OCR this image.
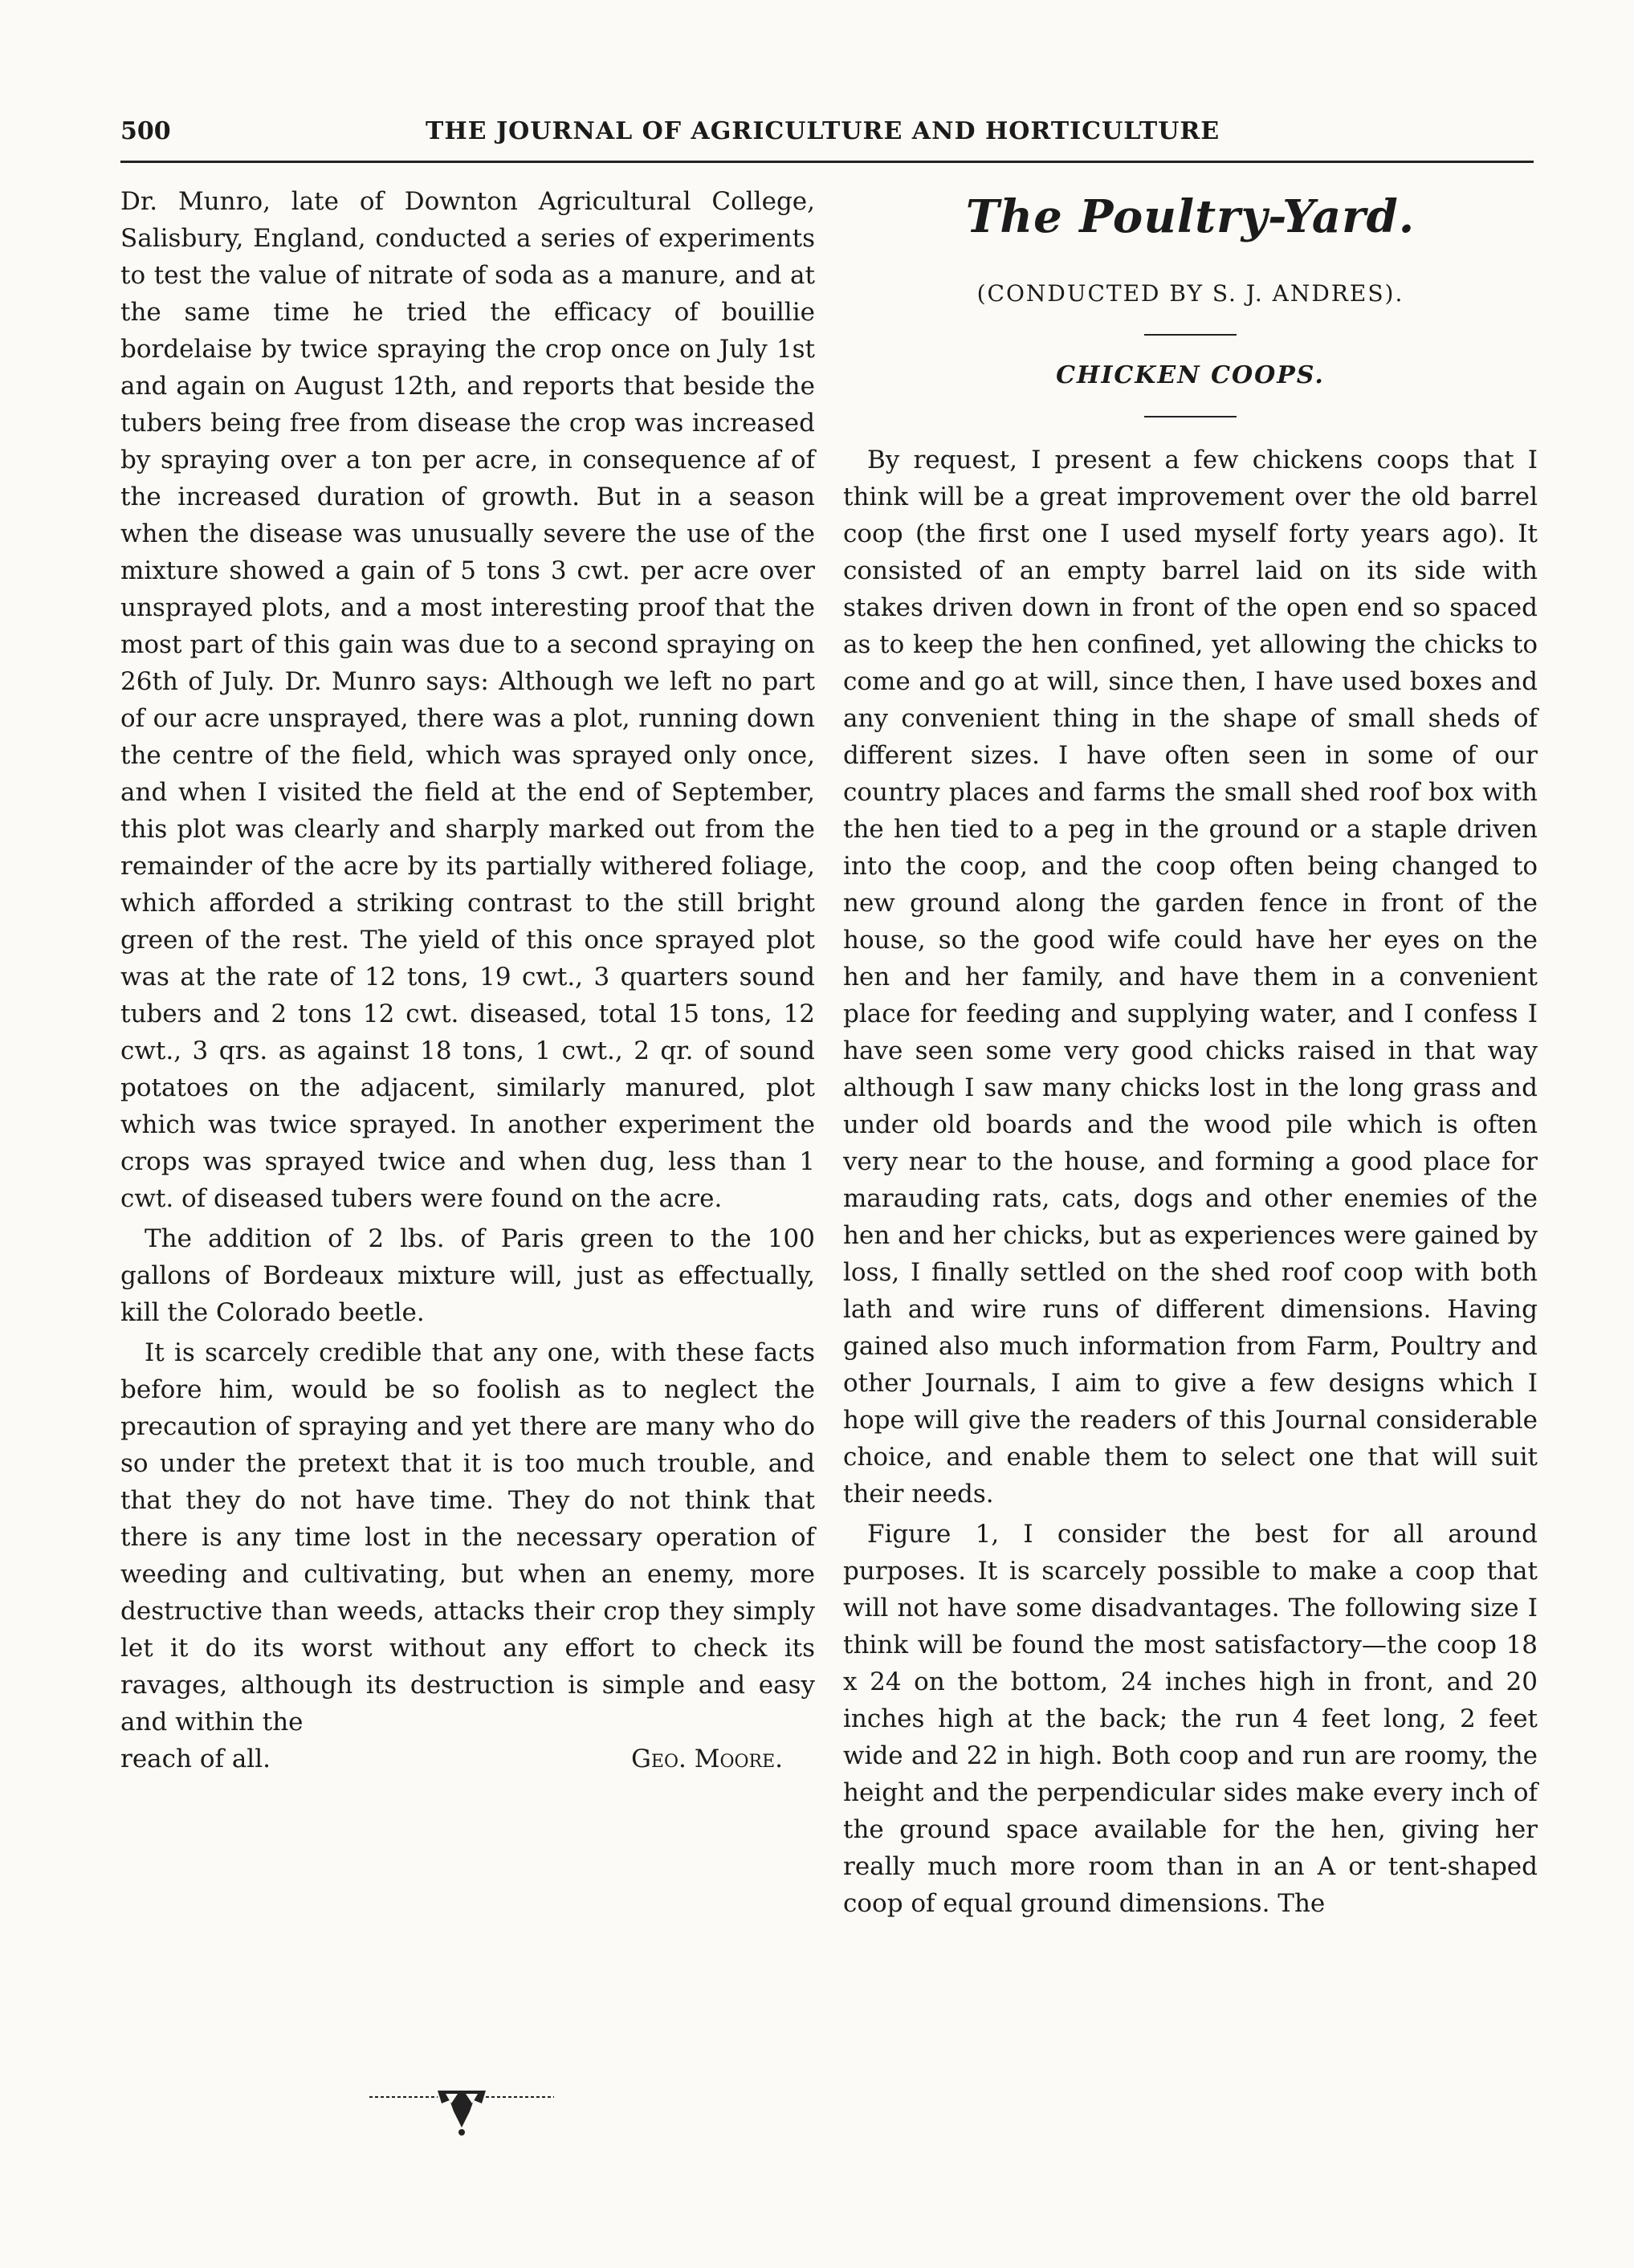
500	THE JOURNAL OF AGRICULTURE AND HORTICULTURE

Dr. Munro, late of Downton Agricultural College, Salisbury, England, conducted a series of experiments to test the value of nitrate of soda as a manure, and at the same time he tried the efficacy of bouillie bordelaise by twice spraying the crop once on July 1st and again on August 12th, and reports that beside the tubers being free from disease the crop was increased by spraying over a ton per acre, in consequence af of the increased duration of growth. But in a season when the disease was unusually severe the use of the mixture showed a gain of 5 tons 3 cwt. per acre over unsprayed plots, and a most interesting proof that the most part of this gain was due to a second spraying on 26th of July. Dr. Munro says: Although we left no part of our acre unsprayed, there was a plot, running down the centre of the field, which was sprayed only once, and when I visited the field at the end of September, this plot was clearly and sharply marked out from the remainder of the acre by its partially withered foliage, which afforded a striking contrast to the still bright green of the rest. The yield of this once sprayed plot was at the rate of 12 tons, 19 cwt., 3 quarters sound tubers and 2 tons 12 cwt. diseased, total 15 tons, 12 cwt., 3 qrs. as against 18 tons, 1 cwt., 2 qr. of sound potatoes on the adjacent, similarly manured, plot which was twice sprayed. In another experiment the crops was sprayed twice and when dug, less than 1 cwt. of diseased tubers were found on the acre.

The addition of 2 lbs. of Paris green to the 100 gallons of Bordeaux mixture will, just as effectually, kill the Colorado beetle.

It is scarcely credible that any one, with these facts before him, would be so foolish as to neglect the precaution of spraying and yet there are many who do so under the pretext that it is too much trouble, and that they do not have time. They do not think that there is any time lost in the necessary operation of weeding and cultivating, but when an enemy, more destructive than weeds, attacks their crop they simply let it do its worst without any effort to check its ravages, although its destruction is simple and easy and within the

reach of all.	Geo. Moore.
The Poultry-Yard.
(CONDUCTED BY S. J. ANDRES).
CHICKEN COOPS.

By request, I present a few chickens coops that I think will be a great improvement over the old barrel coop (the first one I used myself forty years ago). It consisted of an empty barrel laid on its side with stakes driven down in front of the open end so spaced as to keep the hen confined, yet allowing the chicks to come and go at will, since then, I have used boxes and any convenient thing in the shape of small sheds of different sizes. I have often seen in some of our country places and farms the small shed roof box with the hen tied to a peg in the ground or a staple driven into the coop, and the coop often being changed to new ground along the garden fence in front of the house, so the good wife could have her eyes on the hen and her family, and have them in a convenient place for feeding and supplying water, and I confess I have seen some very good chicks raised in that way although I saw many chicks lost in the long grass and under old boards and the wood pile which is often very near to the house, and forming a good place for marauding rats, cats, dogs and other enemies of the hen and her chicks, but as experiences were gained by loss, I finally settled on the shed roof coop with both lath and wire runs of different dimensions. Having gained also much information from Farm, Poultry and other Journals, I aim to give a few designs which I hope will give the readers of this Journal considerable choice, and enable them to select one that will suit their needs.

Figure 1, I consider the best for all around purposes. It is scarcely possible to make a coop that will not have some disadvantages. The following size I think will be found the most satisfactory—the coop 18 x 24 on the bottom, 24 inches high in front, and 20 inches high at the back; the run 4 feet long, 2 feet wide and 22 in high. Both coop and run are roomy, the height and the perpendicular sides make every inch of the ground space available for the hen, giving her really much more room than in an A or tent-shaped coop of equal ground dimensions. The
